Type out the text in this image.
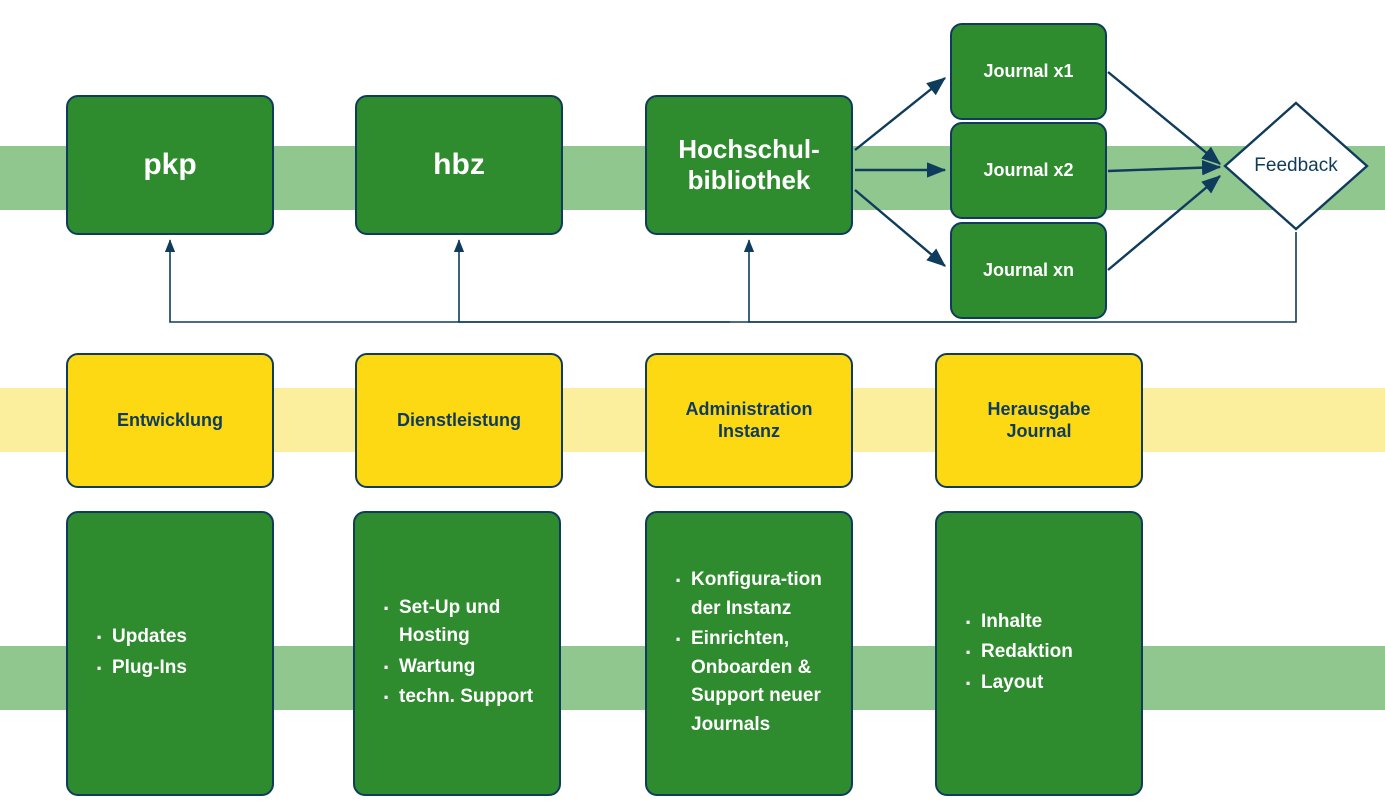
pkp	hbz	Hochschul-
bibliothek
Journal x1
Journal x2
Journal xn
Feedback
Entwicklung	Dienstleistung
Administration
Instanz
Herausgabe
Journal
· Updates
· Plug-Ins
· Set-Up und Hosting
· Wartung
· techn. Support
· Konfigura-tion der Instanz
· Einrichten, Onboarden & Support neuer Journals
· Inhalte
· Redaktion
· Layout
